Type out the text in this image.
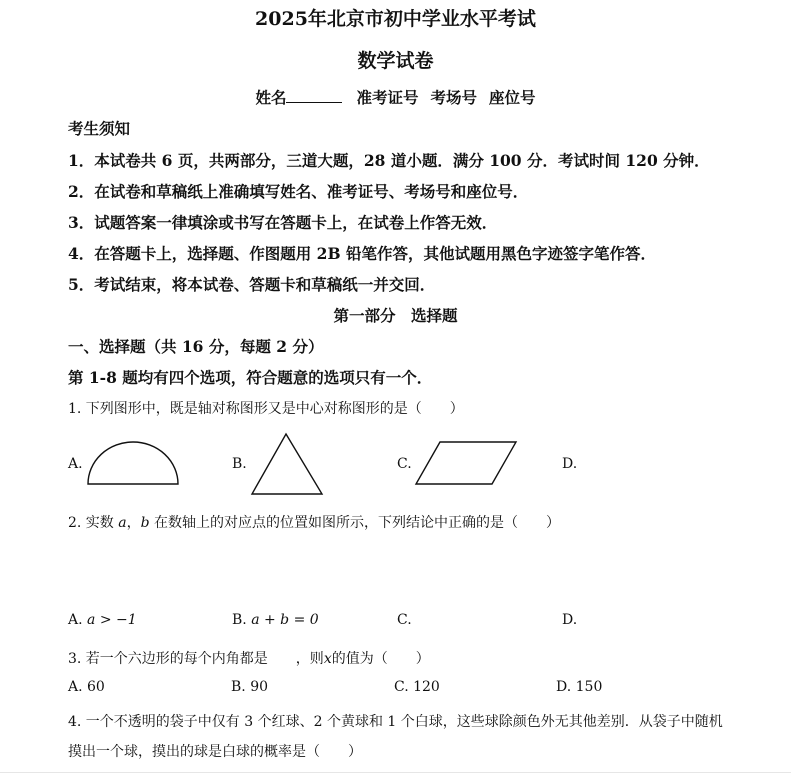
2025年北京市初中学业水平考试
数学试卷
姓名	准考证号 考场号 座位号
考生须知
1．本试卷共 6 页，共两部分，三道大题，28 道小题．满分 100 分．考试时间 120 分钟．
2．在试卷和草稿纸上准确填写姓名、准考证号、考场号和座位号．
3．试题答案一律填涂或书写在答题卡上，在试卷上作答无效．
4．在答题卡上，选择题、作图题用 2B 铅笔作答，其他试题用黑色字迹签字笔作答．
5．考试结束，将本试卷、答题卡和草稿纸一并交回．
第一部分　选择题
一、选择题（共 16 分，每题 2 分）
第 1-8 题均有四个选项，符合题意的选项只有一个．
1. 下列图形中，既是轴对称图形又是中心对称图形的是（　　）
A.	B.	C.	D.
2. 实数 a，b 在数轴上的对应点的位置如图所示，下列结论中正确的是（　　）
A. a > −1	B. a + b = 0	C.	D.
3. 若一个六边形的每个内角都是　　，则x的值为（　　）
A. 60	B. 90	C. 120	D. 150
4. 一个不透明的袋子中仅有 3 个红球、2 个黄球和 1 个白球，这些球除颜色外无其他差别．从袋子中随机
摸出一个球，摸出的球是白球的概率是（　　）
